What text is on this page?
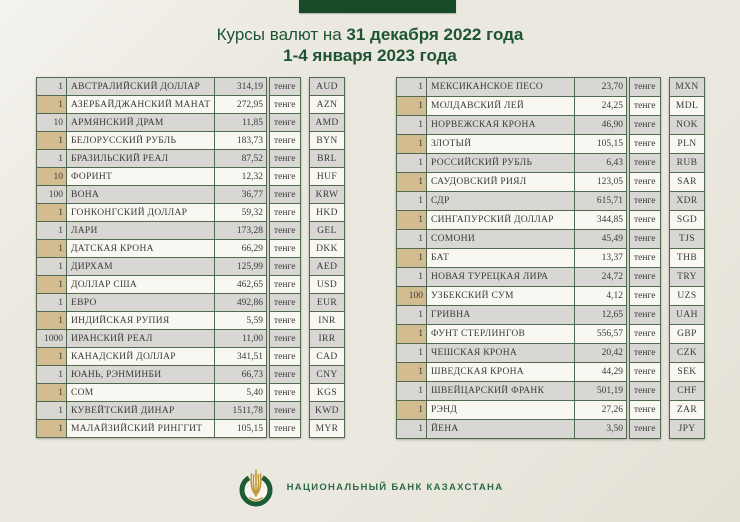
Курсы валют на 31 декабря 2022 года
1-4 января 2023 года
1 АВСТРАЛИЙСКИЙ ДОЛЛАР	314,19	тенге	AUD
1 АЗЕРБАЙДЖАНСКИЙ МАНАТ	272,95	тенге	AZN
10 АРМЯНСКИЙ ДРАМ	11,85	тенге	AMD
1 БЕЛОРУССКИЙ РУБЛЬ	183,73	тенге	BYN
1 БРАЗИЛЬСКИЙ РЕАЛ	87,52	тенге	BRL
10 ФОРИНТ	12,32	тенге	HUF
100 ВОНА	36,77	тенге	KRW
1 ГОНКОНГСКИЙ ДОЛЛАР	59,32	тенге	HKD
1 ЛАРИ	173,28	тенге	GEL
1 ДАТСКАЯ КРОНА	66,29	тенге	DKK
1 ДИРХАМ	125,99	тенге	AED
1 ДОЛЛАР США	462,65	тенге	USD
1 ЕВРО	492,86	тенге	EUR
1 ИНДИЙСКАЯ РУПИЯ	5,59	тенге	INR
1000 ИРАНСКИЙ РЕАЛ	11,00	тенге	IRR
1 КАНАДСКИЙ ДОЛЛАР	341,51	тенге	CAD
1 ЮАНЬ, РЭНМИНБИ	66,73	тенге	CNY
1 СОМ	5,40	тенге	KGS
1 КУВЕЙТСКИЙ ДИНАР	1511,78	тенге	KWD
1 МАЛАЙЗИЙСКИЙ РИНГГИТ	105,15	тенге	MYR
1 МЕКСИКАНСКОЕ ПЕСО	23,70	тенге	MXN
1 МОЛДАВСКИЙ ЛЕЙ	24,25	тенге	MDL
1 НОРВЕЖСКАЯ КРОНА	46,90	тенге	NOK
1 ЗЛОТЫЙ	105,15	тенге	PLN
1 РОССИЙСКИЙ РУБЛЬ	6,43	тенге	RUB
1 САУДОВСКИЙ РИЯЛ	123,05	тенге	SAR
1 СДР	615,71	тенге	XDR
1 СИНГАПУРСКИЙ ДОЛЛАР	344,85	тенге	SGD
1 СОМОНИ	45,49	тенге	TJS
1 БАТ	13,37	тенге	THB
1 НОВАЯ ТУРЕЦКАЯ ЛИРА	24,72	тенге	TRY
100 УЗБЕКСКИЙ СУМ	4,12	тенге	UZS
1 ГРИВНА	12,65	тенге	UAH
1 ФУНТ СТЕРЛИНГОВ	556,57	тенге	GBP
1 ЧЕШСКАЯ КРОНА	20,42	тенге	CZK
1 ШВЕДСКАЯ КРОНА	44,29	тенге	SEK
1 ШВЕЙЦАРСКИЙ ФРАНК	501,19	тенге	CHF
1 РЭНД	27,26	тенге	ZAR
1 ЙЕНА	3,50	тенге	JPY
НАЦИОНАЛЬНЫЙ БАНК КАЗАХСТАНА
